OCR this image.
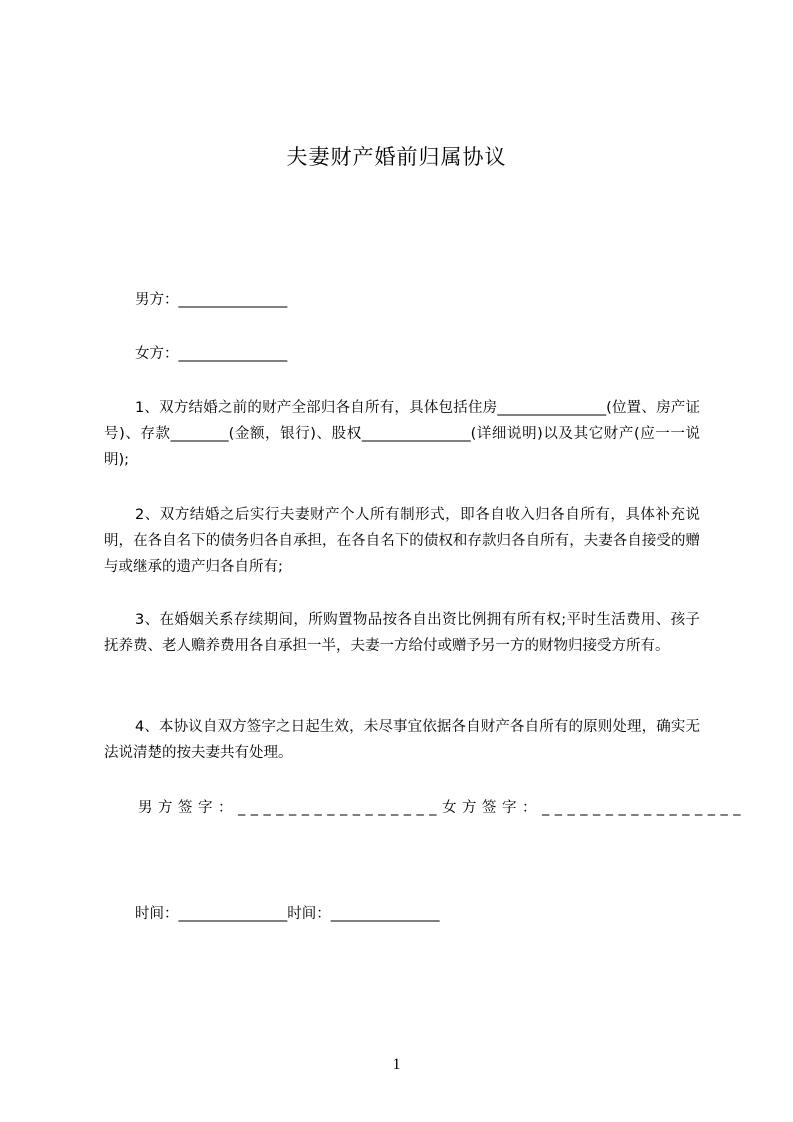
夫妻财产婚前归属协议
男方：_______________
女方：_______________
1、双方结婚之前的财产全部归各自所有，具体包括住房_______________(位置、房产证号)、存款________(金额，银行)、股权_______________(详细说明)以及其它财产(应一一说明);
2、双方结婚之后实行夫妻财产个人所有制形式，即各自收入归各自所有，具体补充说明，在各自名下的债务归各自承担，在各自名下的债权和存款归各自所有，夫妻各自接受的赠与或继承的遗产归各自所有;
3、在婚姻关系存续期间，所购置物品按各自出资比例拥有所有权;平时生活费用、孩子抚养费、老人赡养费用各自承担一半，夫妻一方给付或赠予另一方的财物归接受方所有。
4、本协议自双方签字之日起生效，未尽事宜依据各自财产各自所有的原则处理，确实无法说清楚的按夫妻共有处理。
男方签字：________________女方签字：________________
时间：_______________时间：_______________
1
